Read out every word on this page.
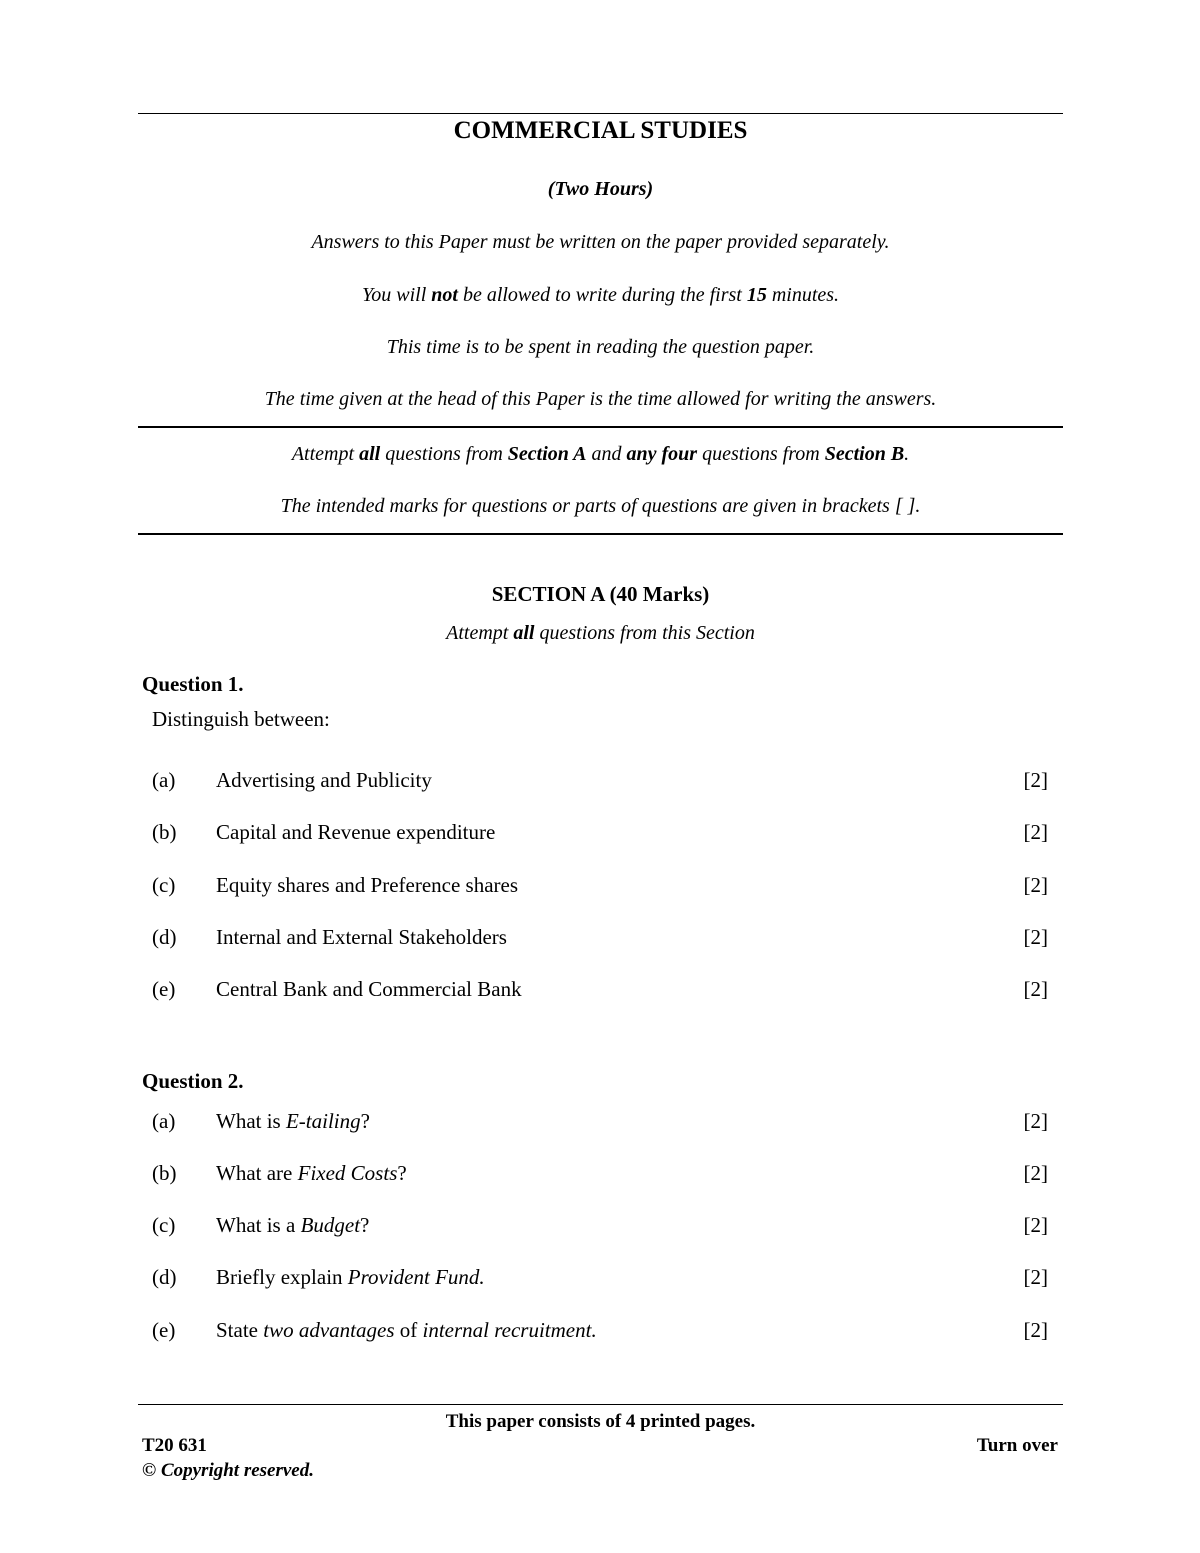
COMMERCIAL STUDIES
(Two Hours)
Answers to this Paper must be written on the paper provided separately.
You will not be allowed to write during the first 15 minutes.
This time is to be spent in reading the question paper.
The time given at the head of this Paper is the time allowed for writing the answers.
Attempt all questions from Section A and any four questions from Section B.
The intended marks for questions or parts of questions are given in brackets [ ].
SECTION A (40 Marks)
Attempt all questions from this Section
Question 1.
Distinguish between:
(a) Advertising and Publicity	[2]
(b) Capital and Revenue expenditure	[2]
(c) Equity shares and Preference shares	[2]
(d) Internal and External Stakeholders	[2]
(e) Central Bank and Commercial Bank	[2]
Question 2.
(a) What is E-tailing?	[2]
(b) What are Fixed Costs?	[2]
(c) What is a Budget?	[2]
(d) Briefly explain Provident Fund.	[2]
(e) State two advantages of internal recruitment.	[2]
This paper consists of 4 printed pages.
T20 631	Turn over
© Copyright reserved.
